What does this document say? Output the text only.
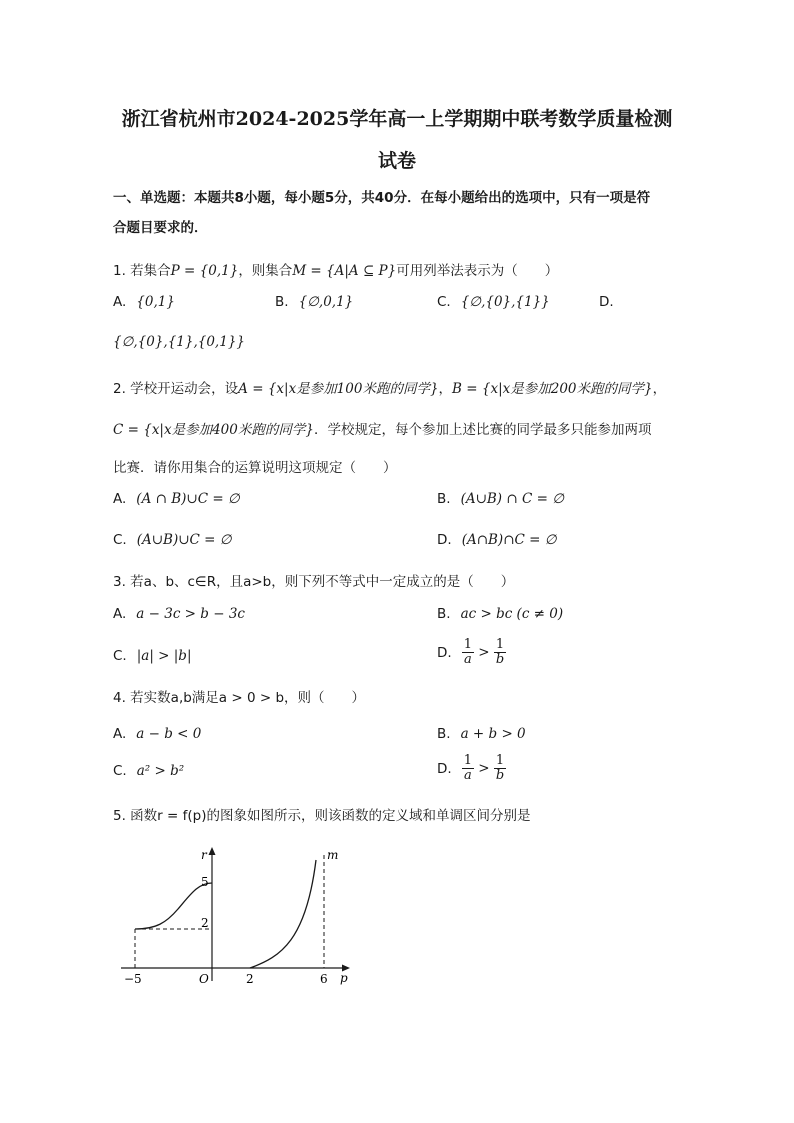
浙江省杭州市2024-2025学年高一上学期期中联考数学质量检测
试卷
一、单选题：本题共8小题，每小题5分，共40分．在每小题给出的选项中，只有一项是符
合题目要求的．
1. 若集合P = {0,1}，则集合M = {A|A ⊆ P}可用列举法表示为（　　）
A. {0,1}	B. {∅,0,1}	C. {∅,{0},{1}}	D.
{∅,{0},{1},{0,1}}
2. 学校开运动会，设A = {x|x是参加100米跑的同学}，B = {x|x是参加200米跑的同学}，
C = {x|x是参加400米跑的同学}．学校规定，每个参加上述比赛的同学最多只能参加两项
比赛．请你用集合的运算说明这项规定（　　）
A. (A ∩ B)∪C = ∅	B. (A∪B) ∩ C = ∅
C. (A∪B)∪C = ∅	D. (A∩B)∩C = ∅
3. 若a、b、c∈R，且a>b，则下列不等式中一定成立的是（　　）
A. a − 3c > b − 3c	B. ac > bc (c ≠ 0)
C. |a| > |b|	D. $\frac{1}{a} > \frac{1}{b}$
4. 若实数a,b满足a > 0 > b，则（　　）
A. a − b < 0	B. a + b > 0
C. a² > b²	D. $\frac{1}{a} > \frac{1}{b}$
5. 函数r = f(p)的图象如图所示，则该函数的定义域和单调区间分别是
r	m
5
2
O
−5	2	6 p
